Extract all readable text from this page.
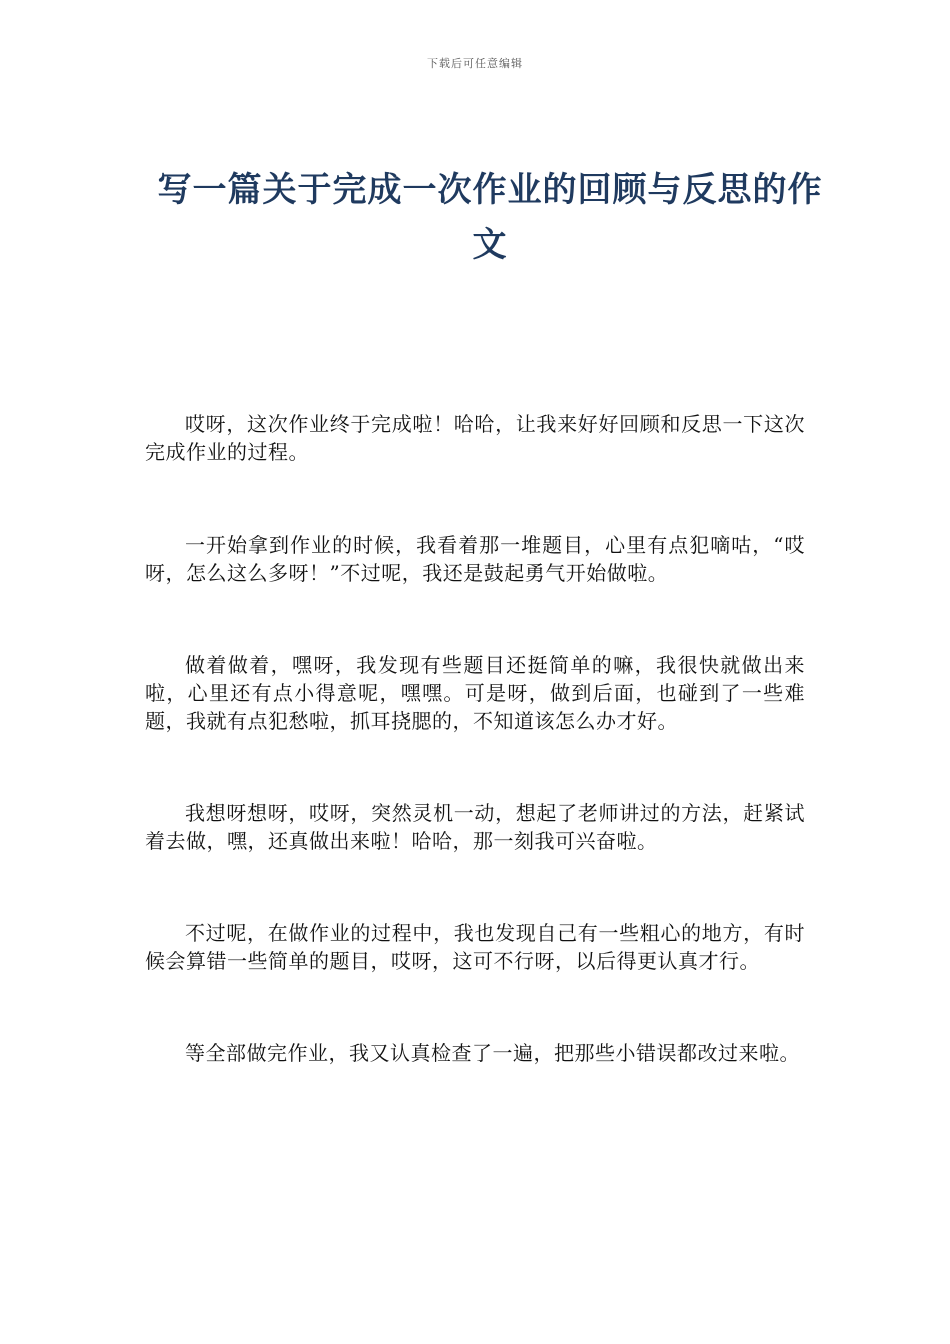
下载后可任意编辑
写一篇关于完成一次作业的回顾与反思的作文

哎呀，这次作业终于完成啦！哈哈，让我来好好回顾和反思一下这次完成作业的过程。

一开始拿到作业的时候，我看着那一堆题目，心里有点犯嘀咕，“哎呀，怎么这么多呀！”不过呢，我还是鼓起勇气开始做啦。

做着做着，嘿呀，我发现有些题目还挺简单的嘛，我很快就做出来啦，心里还有点小得意呢，嘿嘿。可是呀，做到后面，也碰到了一些难题，我就有点犯愁啦，抓耳挠腮的，不知道该怎么办才好。

我想呀想呀，哎呀，突然灵机一动，想起了老师讲过的方法，赶紧试着去做，嘿，还真做出来啦！哈哈，那一刻我可兴奋啦。

不过呢，在做作业的过程中，我也发现自己有一些粗心的地方，有时候会算错一些简单的题目，哎呀，这可不行呀，以后得更认真才行。

等全部做完作业，我又认真检查了一遍，把那些小错误都改过来啦。
